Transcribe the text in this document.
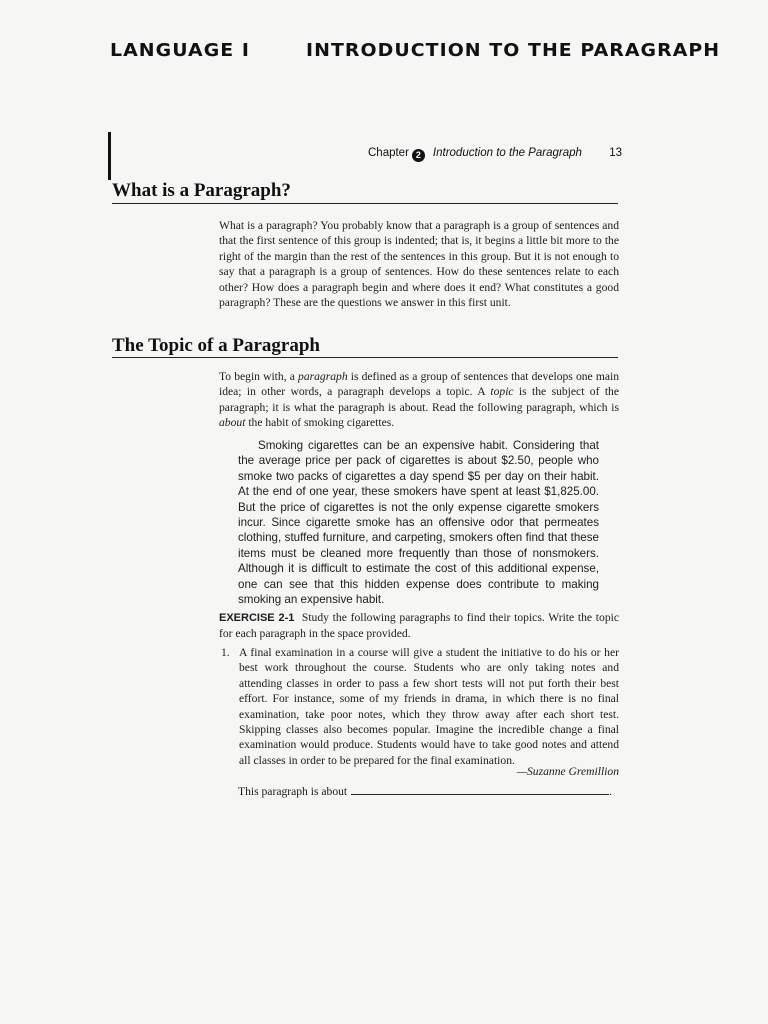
LANGUAGE I	INTRODUCTION TO THE PARAGRAPH
Chapter 2 Introduction to the Paragraph 13
What is a Paragraph?
What is a paragraph? You probably know that a paragraph is a group of sentences and that the first sentence of this group is indented; that is, it begins a little bit more to the right of the margin than the rest of the sentences in this group. But it is not enough to say that a paragraph is a group of sentences. How do these sentences relate to each other? How does a paragraph begin and where does it end? What constitutes a good paragraph? These are the questions we answer in this first unit.
The Topic of a Paragraph
To begin with, a paragraph is defined as a group of sentences that develops one main idea; in other words, a paragraph develops a topic. A topic is the subject of the paragraph; it is what the paragraph is about. Read the following paragraph, which is about the habit of smoking cigarettes.
Smoking cigarettes can be an expensive habit. Considering that the average price per pack of cigarettes is about $2.50, people who smoke two packs of cigarettes a day spend $5 per day on their habit. At the end of one year, these smokers have spent at least $1,825.00. But the price of cigarettes is not the only expense cigarette smokers incur. Since cigarette smoke has an offensive odor that permeates clothing, stuffed furniture, and carpeting, smokers often find that these items must be cleaned more frequently than those of nonsmokers. Although it is difficult to estimate the cost of this additional expense, one can see that this hidden expense does contribute to making smoking an expensive habit.
EXERCISE 2-1 Study the following paragraphs to find their topics. Write the topic for each paragraph in the space provided.
1. A final examination in a course will give a student the initiative to do his or her best work throughout the course. Students who are only taking notes and attending classes in order to pass a few short tests will not put forth their best effort. For instance, some of my friends in drama, in which there is no final examination, take poor notes, which they throw away after each short test. Skipping classes also becomes popular. Imagine the incredible change a final examination would produce. Students would have to take good notes and attend all classes in order to be prepared for the final examination.
—Suzanne Gremillion
This paragraph is about	.
